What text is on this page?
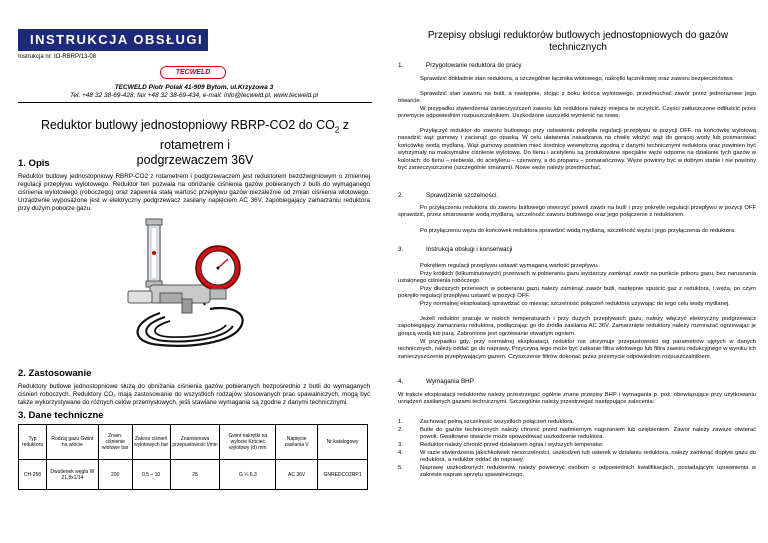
INSTRUKCJA OBSŁUGI
Instrukcja nr: IO-RBRP/13-08
TECWELD
TECWELD Piotr Polak 41-909 Bytom, ul.Krzyżowa 3
Tel. +48 32 38-69-428, fax +48 32 38-69-434, e-mail: info@tecweld.pl, www.tecweld.pl
Reduktor butlowy jednostopniowy RBRP-CO2 do $CO_2$ z rotametrem i
podgrzewaczem 36V
1. Opis
Reduktor butlowy jednostopniowy RBRP-CO2 z rotametrem i podgrzewaczem jest reduktorem bezdźwigniowym o zmiennej regulacji przepływu wylotowego. Reduktor ten pozwala na obniżanie ciśnienia gazów pobieranych z butli do wymaganego ciśnienia wylotowego (roboczego) oraz zapewnia stałą wartość przepływu gazów niezależnie od zmian ciśnienia wlotowego. Urządzenie wyposażone jest w elektryczny podgrzewacz zasilany napięciem AC 36V, zapobiegający zamarzaniu reduktora przy dużym poborze gazu.
2. Zastosowanie
Reduktory butlowe jednostopniowe służą do obniżania ciśnienia gazów pobieranych bezpośrednio z butli do wymaganych ciśnień roboczych. Reduktory CO₂ mają zastosowanie do wszystkich rodzajów stosowanych prac spawalniczych, mogą być także wykorzystywane do różnych celów przemysłowych, jeśli stawiane wymagania są zgodne z danymi technicznymi.
3. Dane techniczne
Typ reduktora	Rodzaj gazu Gwint na wlocie	Znam. ciśnienie wlotowe bar	Zakres ciśnień wylotowych bar	Znamionowa przepustowość l/min	Gwint nakrętki na wylocie Króciec wylotowy (d) mm	Napięcie zasilania V	Nr katalogowy
CH-258	Dwutlenek węgla W 21,8x1/14	200	0.5 – 10	25	G ¼ 6.3	AC 36V	GNREDCO2RP1
Przepisy obsługi reduktorów butlowych jednostopniowych do gazów technicznych
1.	Przygotowanie reduktora do pracy
Sprawdzić dokładnie stan reduktora, a szczególnie łącznika wlotowego, nakrętki łącznikowej oraz zaworu bezpieczeństwa
Sprawdzić stan zaworu na butli, a następnie, stojąc z boku króćca wylotowego, przedmuchać zawór przez jednorazowe jego otwarcie.
W przypadku stwierdzenia zanieczyszczeń zaworu lub reduktora należy miejsca te oczyścić. Części zatłuszczone odtłuścić przez przemycie odpowiednim rozpuszczalnikiem. Uszkodzone uszczelki wymienić na nowe.
Przyłączyć reduktor do zaworu butlowego przy ustawieniu pokrętła regulacji przepływu w pozycji OFF, na końcówkę wylotową nasadzić wąż gumowy i zacisnąć go opaską. W celu ułatwienia nasadzania na chwilę włożyć wąż do gorącej wody lub posmarować końcówkę wodą mydlaną. Wąż gumowy powinien mieć średnicę wewnętrzną zgodną z danymi technicznymi reduktora oraz powinien być wytrzymały na maksymalne ciśnienie wylotowe. Do tlenu i acetylenu są produkowane specjalne węże odporne na działanie tych gazów w kolorach: do tlenu – niebieski, do acetylenu – czerwony, a do propanu – pomarańczowy. Węże powinny być w dobrym stanie i nie powinny być zanieczyszczone (szczególnie smarami). Nowe węże należy przedmuchać.
2.	Sprawdzenie szczelności.
Po przyłączeniu reduktora do zaworu butlowego otworzyć powoli zawór na butli i przy pokrętle regulacji przepływu w pozycji OFF sprawdzić, przez smarowanie wodą mydlaną, szczelność zaworu butlowego oraz jego połączenie z reduktorem.
Po przyłączeniu węża do końcówek reduktora sprawdzić wodą mydlaną, szczelność węża i jego przyłączenia do reduktora.
3.	Instrukcja obsługi i konserwacji
Pokrętłem regulacji przepływu ustawić wymaganą wartość przepływu.
Przy krótkich (kilkuminutowych) przerwach w pobieraniu gazu wystarczy zamknąć zawór na punkcie poboru gazu, bez naruszania ustalonego ciśnienia roboczego.
Przy dłuższych przerwach w pobieraniu gazu należy zamknąć zawór butli, następnie spuścić gaz z reduktora, i węża, po czym pokrętło regulacji przepływu ustawić w pozycji OFF.
Przy normalnej eksploatacji sprawdzać co miesiąc szczelność połączeń reduktora używając do tego celu wody mydlanej.
Jeżeli reduktor pracuje w niskich temperaturach i przy dużych przepływach gazu, należy włączyć elektryczny podgrzewacz zapobiegający zamarzaniu reduktora, podłączając go do źródła zasilania AC 36V. Zamarznięte reduktory należy rozmrażać ogrzewając je gorącą wodą lub parą. Zabronione jest ogrzewanie otwartym ogniem.
W przypadku gdy, przy normalnej eksploatacji, reduktor nie utrzymuje przepustowości wg parametrów ujętych w danych technicznych, należy oddać go do naprawy. Przyczyną tego może być zatkanie filtra wlotowego lub filtra zaworu redukcyjnego w wyniku ich zanieczyszczenia przepływającym gazem. Czyszczenie filtrów dokonać przez przemycie odpowiednim rozpuszczalnikiem.
4.	Wymagania BHP
W trakcie eksploatacji reduktorów należy przestrzegać ogólnie znane przepisy BHP i wymagania p. poż. obowiązujące przy użytkowaniu urządzeń zasilanych gazami technicznymi. Szczególnie należy przestrzegać następujące zalecenia:
1.	Zachować pełną szczelność wszystkich połączeń reduktora.
2.	Butle do gazów technicznych należy chronić przed nadmiernym nagrzaniem lub oziębieniem. Zawór należy zawsze otwierać powoli. Gwałtowne otwarcie może spowodować uszkodzenie reduktora.
3.	Reduktor należy chronić przed działaniem ognia i wyższych temperatur.
4.	W razie stwierdzenia jakichkolwiek nieszczelności, uszkodzeń lub usterek w działaniu reduktora, należy zamknąć dopływ gazu do reduktora, a reduktor oddać do naprawy.
5.	Naprawę uszkodzonych reduktorów należy powierzyć osobom o odpowiednich kwalifikacjach, posiadającym uprawnienia w zakresie napraw sprzętu spawalniczego.
